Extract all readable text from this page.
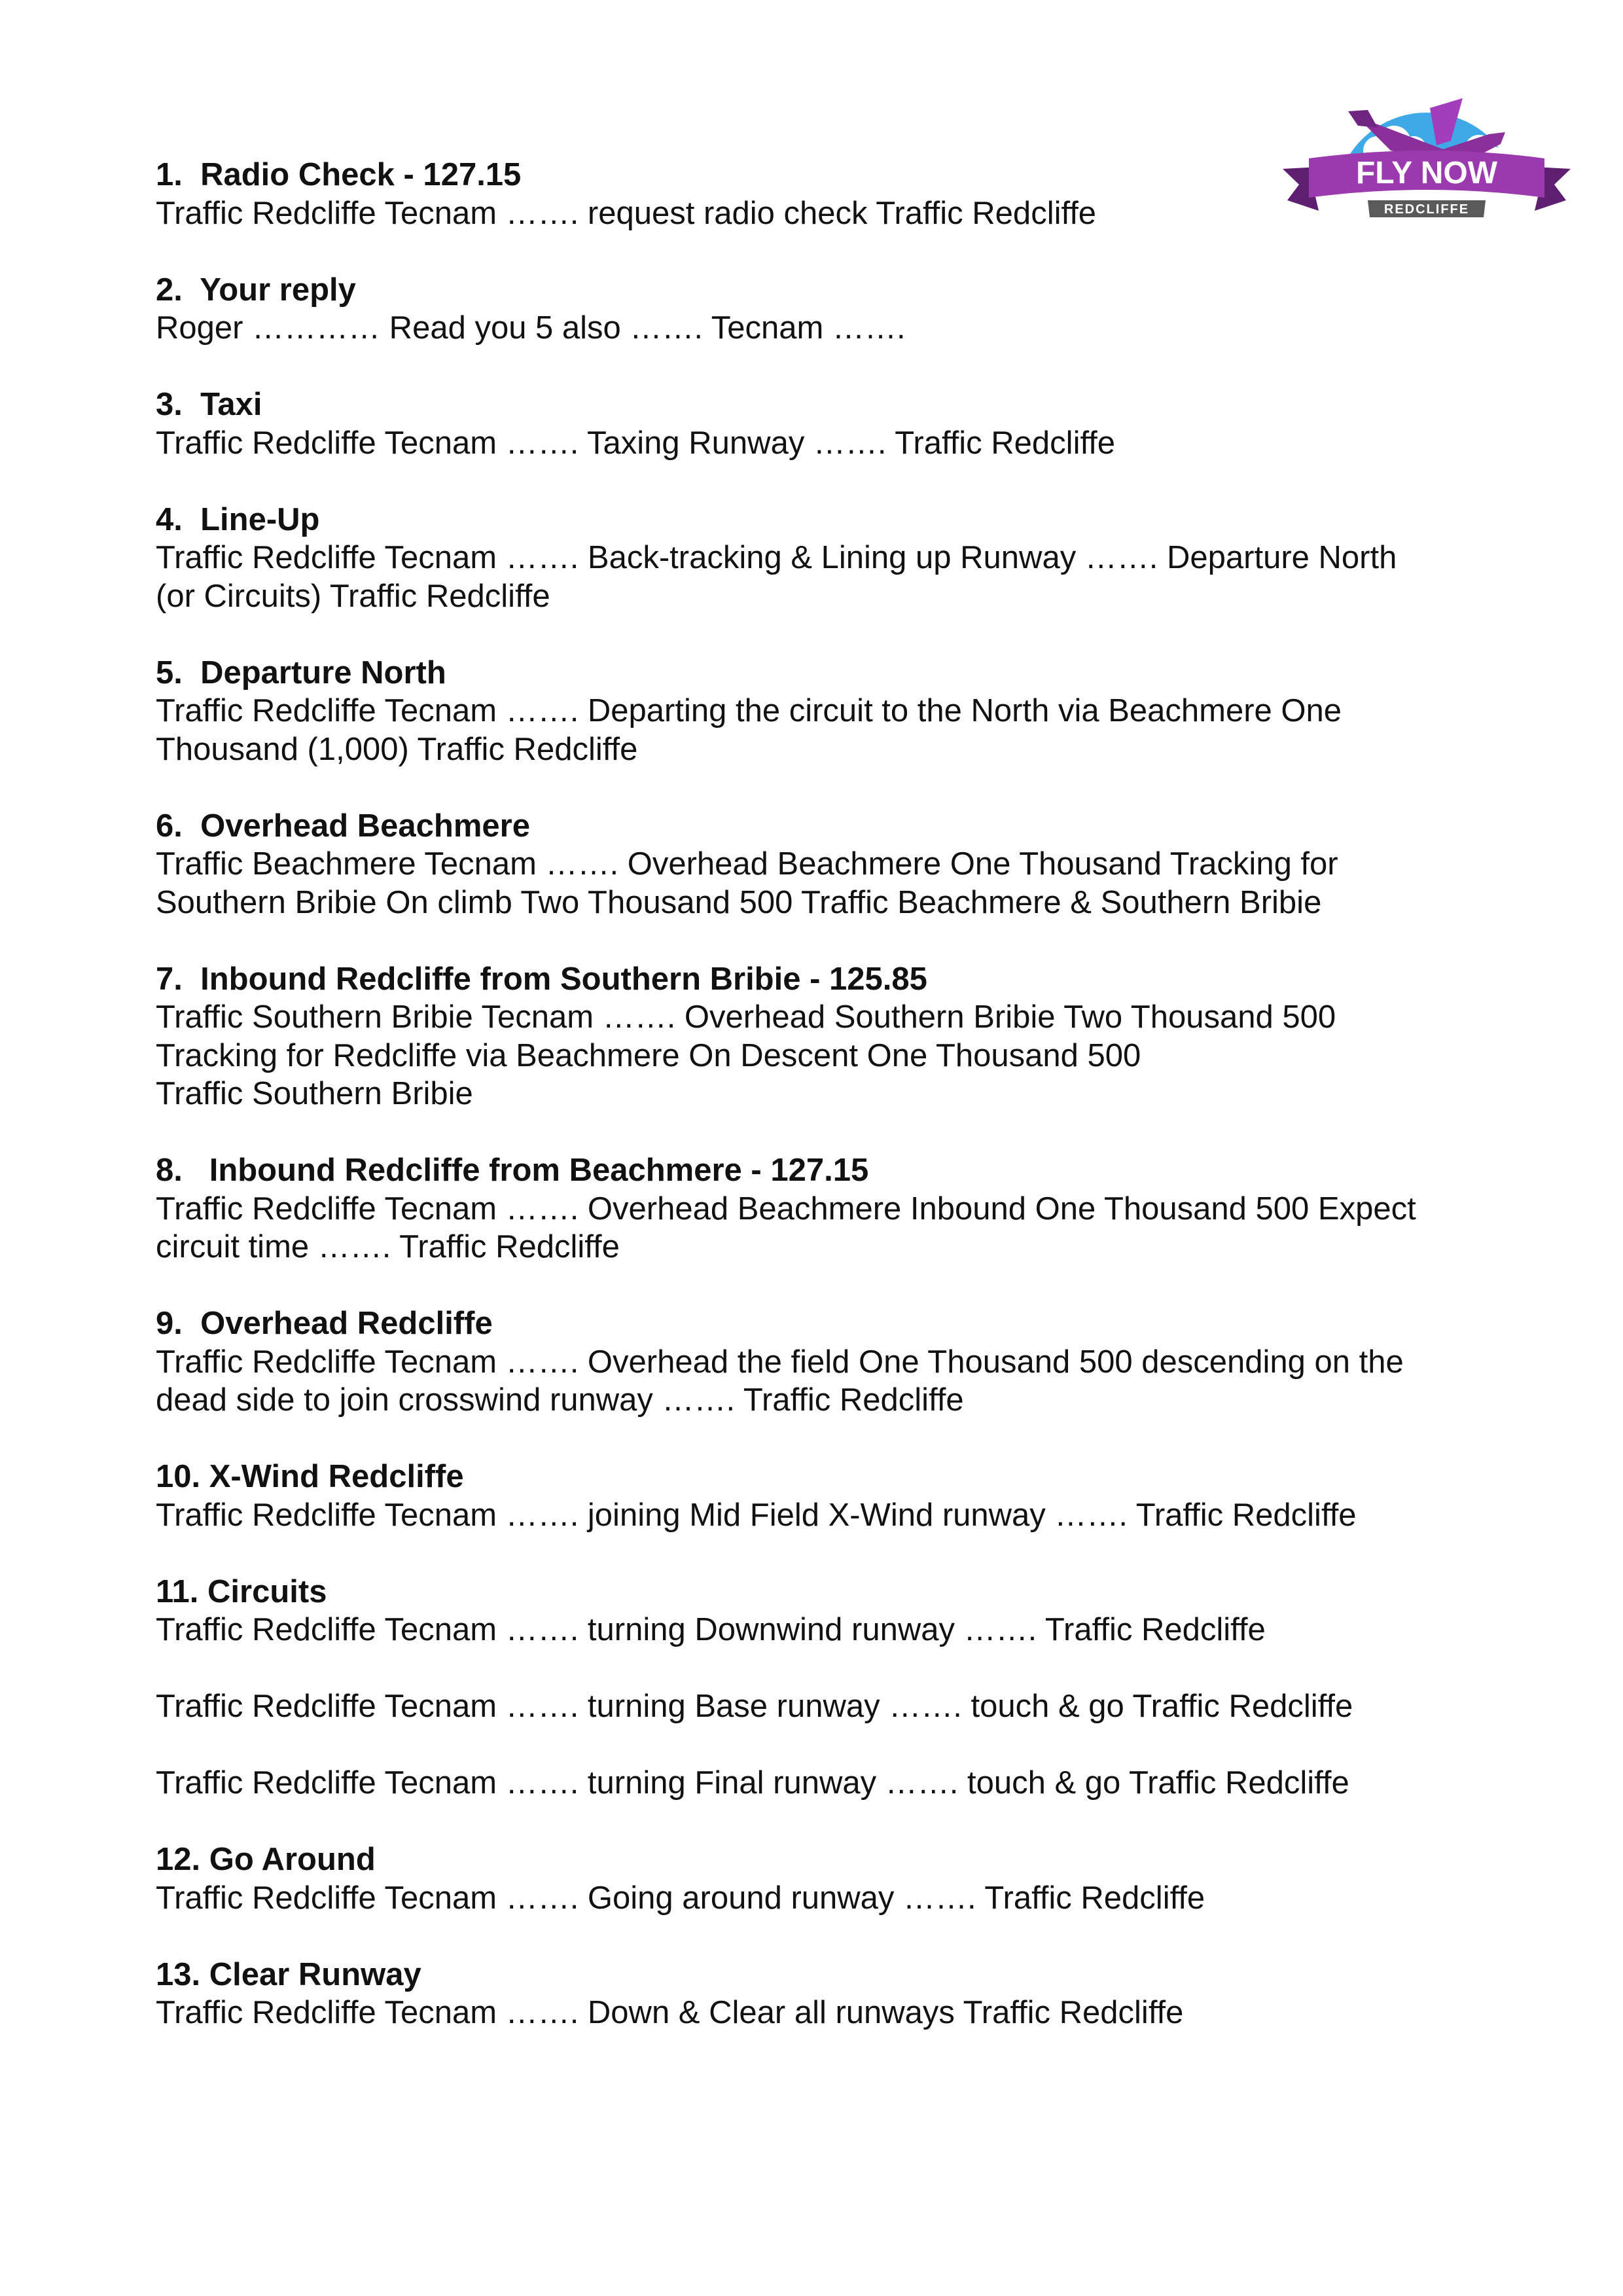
FLY NOW
REDCLIFFE
1.  Radio Check - 127.15
Traffic Redcliffe Tecnam ……. request radio check Traffic Redcliffe
2.  Your reply
Roger ………… Read you 5 also ……. Tecnam …….
3.  Taxi
Traffic Redcliffe Tecnam ……. Taxing Runway ……. Traffic Redcliffe
4.  Line-Up
Traffic Redcliffe Tecnam ……. Back-tracking & Lining up Runway ……. Departure North
(or Circuits) Traffic Redcliffe
5.  Departure North
Traffic Redcliffe Tecnam ……. Departing the circuit to the North via Beachmere One
Thousand (1,000) Traffic Redcliffe
6.  Overhead Beachmere
Traffic Beachmere Tecnam ……. Overhead Beachmere One Thousand Tracking for
Southern Bribie On climb Two Thousand 500 Traffic Beachmere & Southern Bribie
7.  Inbound Redcliffe from Southern Bribie - 125.85
Traffic Southern Bribie Tecnam ……. Overhead Southern Bribie Two Thousand 500
Tracking for Redcliffe via Beachmere On Descent One Thousand 500
Traffic Southern Bribie
8.   Inbound Redcliffe from Beachmere - 127.15
Traffic Redcliffe Tecnam ……. Overhead Beachmere Inbound One Thousand 500 Expect
circuit time ……. Traffic Redcliffe
9.  Overhead Redcliffe
Traffic Redcliffe Tecnam ……. Overhead the field One Thousand 500 descending on the
dead side to join crosswind runway ……. Traffic Redcliffe
10. X-Wind Redcliffe
Traffic Redcliffe Tecnam ……. joining Mid Field X-Wind runway ……. Traffic Redcliffe
11. Circuits
Traffic Redcliffe Tecnam ……. turning Downwind runway ……. Traffic Redcliffe
Traffic Redcliffe Tecnam ……. turning Base runway ……. touch & go Traffic Redcliffe
Traffic Redcliffe Tecnam ……. turning Final runway ……. touch & go Traffic Redcliffe
12. Go Around
Traffic Redcliffe Tecnam ……. Going around runway ……. Traffic Redcliffe
13. Clear Runway
Traffic Redcliffe Tecnam ……. Down & Clear all runways Traffic Redcliffe
